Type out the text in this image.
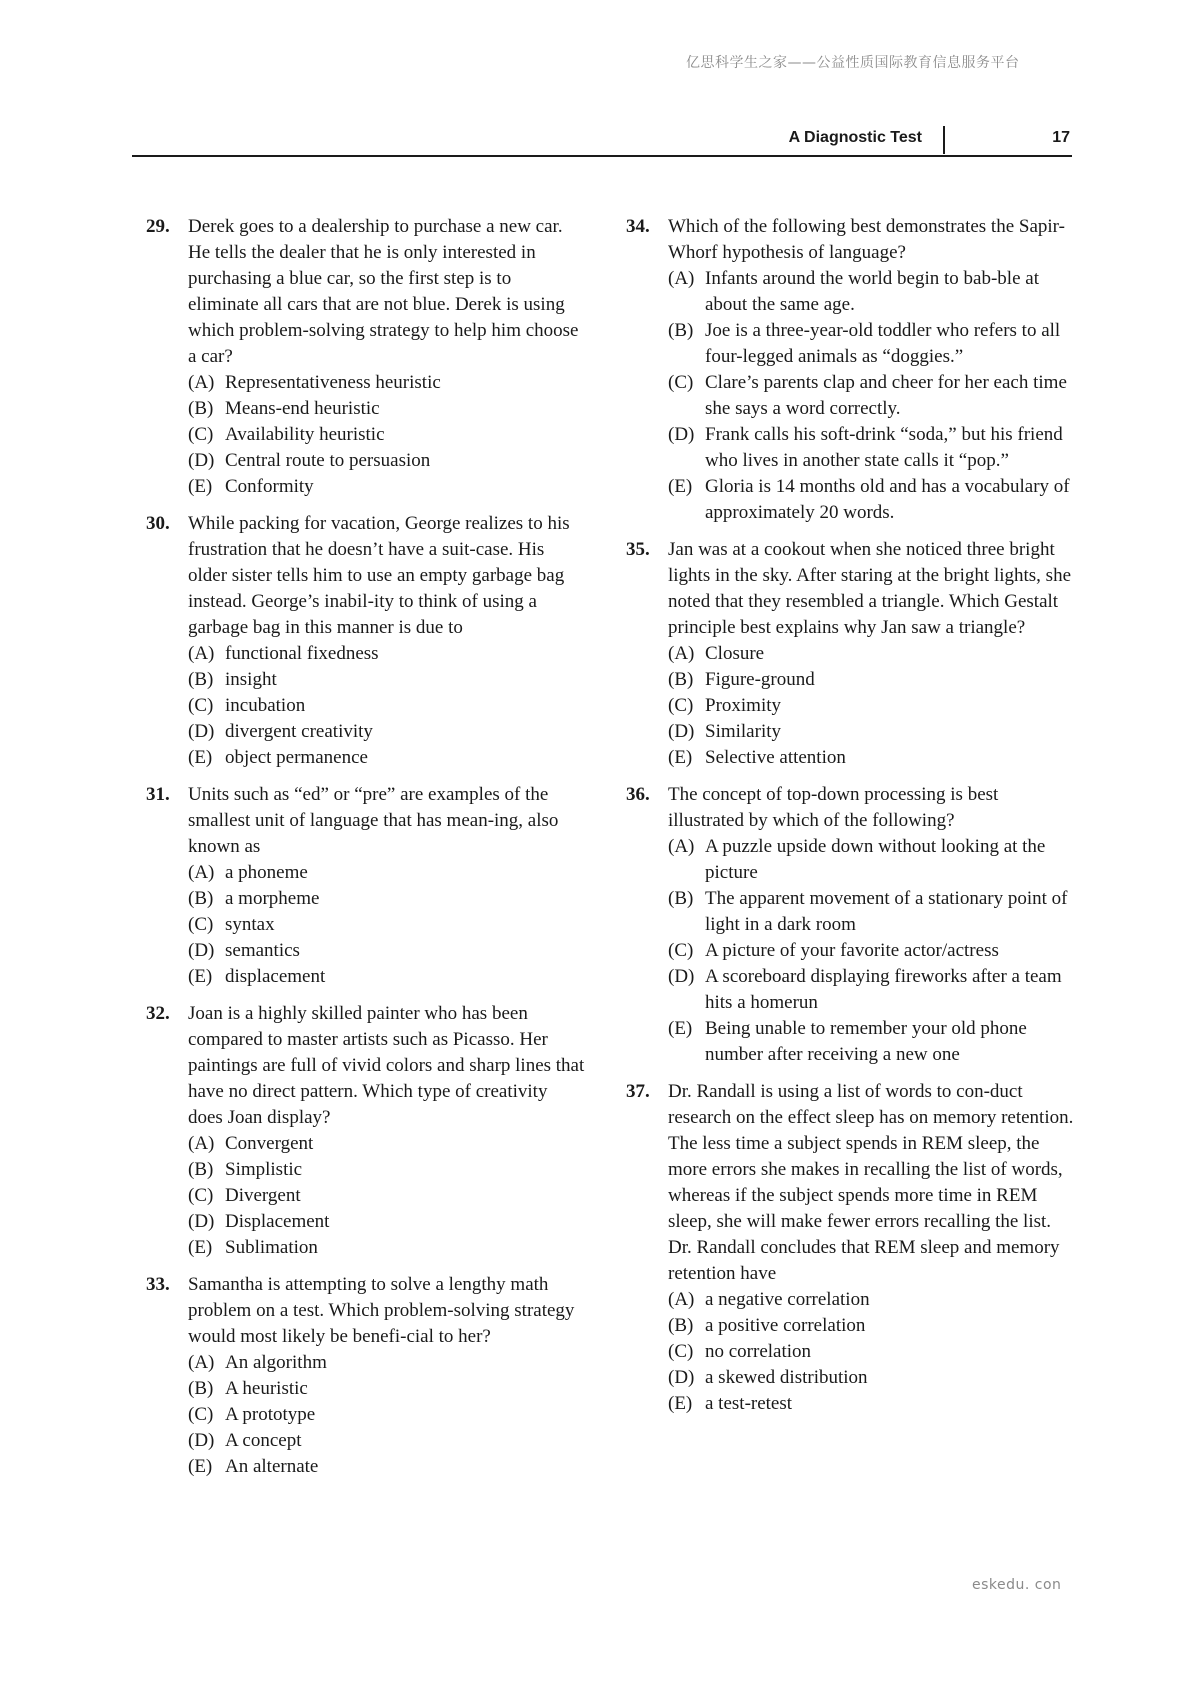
亿思科学生之家——公益性质国际教育信息服务平台
A Diagnostic Test	17
29. Derek goes to a dealership to purchase a new car. He tells the dealer that he is only interested in purchasing a blue car, so the first step is to eliminate all cars that are not blue. Derek is using which problem-solving strategy to help him choose a car?
(A) Representativeness heuristic
(B) Means-end heuristic
(C) Availability heuristic
(D) Central route to persuasion
(E) Conformity
30. While packing for vacation, George realizes to his frustration that he doesn’t have a suit-case. His older sister tells him to use an empty garbage bag instead. George’s inabil-ity to think of using a garbage bag in this manner is due to
(A) functional fixedness
(B) insight
(C) incubation
(D) divergent creativity
(E) object permanence
31. Units such as “ed” or “pre” are examples of the smallest unit of language that has mean-ing, also known as
(A) a phoneme
(B) a morpheme
(C) syntax
(D) semantics
(E) displacement
32. Joan is a highly skilled painter who has been compared to master artists such as Picasso. Her paintings are full of vivid colors and sharp lines that have no direct pattern. Which type of creativity does Joan display?
(A) Convergent
(B) Simplistic
(C) Divergent
(D) Displacement
(E) Sublimation
33. Samantha is attempting to solve a lengthy math problem on a test. Which problem-solving strategy would most likely be benefi-cial to her?
(A) An algorithm
(B) A heuristic
(C) A prototype
(D) A concept
(E) An alternate
34. Which of the following best demonstrates the Sapir-Whorf hypothesis of language?
(A) Infants around the world begin to bab-ble at about the same age.
(B) Joe is a three-year-old toddler who refers to all four-legged animals as “doggies.”
(C) Clare’s parents clap and cheer for her each time she says a word correctly.
(D) Frank calls his soft-drink “soda,” but his friend who lives in another state calls it “pop.”
(E) Gloria is 14 months old and has a vocabulary of approximately 20 words.
35. Jan was at a cookout when she noticed three bright lights in the sky. After staring at the bright lights, she noted that they resembled a triangle. Which Gestalt principle best explains why Jan saw a triangle?
(A) Closure
(B) Figure-ground
(C) Proximity
(D) Similarity
(E) Selective attention
36. The concept of top-down processing is best illustrated by which of the following?
(A) A puzzle upside down without looking at the picture
(B) The apparent movement of a stationary point of light in a dark room
(C) A picture of your favorite actor/actress
(D) A scoreboard displaying fireworks after a team hits a homerun
(E) Being unable to remember your old phone number after receiving a new one
37. Dr. Randall is using a list of words to con-duct research on the effect sleep has on memory retention. The less time a subject spends in REM sleep, the more errors she makes in recalling the list of words, whereas if the subject spends more time in REM sleep, she will make fewer errors recalling the list. Dr. Randall concludes that REM sleep and memory retention have
(A) a negative correlation
(B) a positive correlation
(C) no correlation
(D) a skewed distribution
(E) a test-retest
eskedu. con
